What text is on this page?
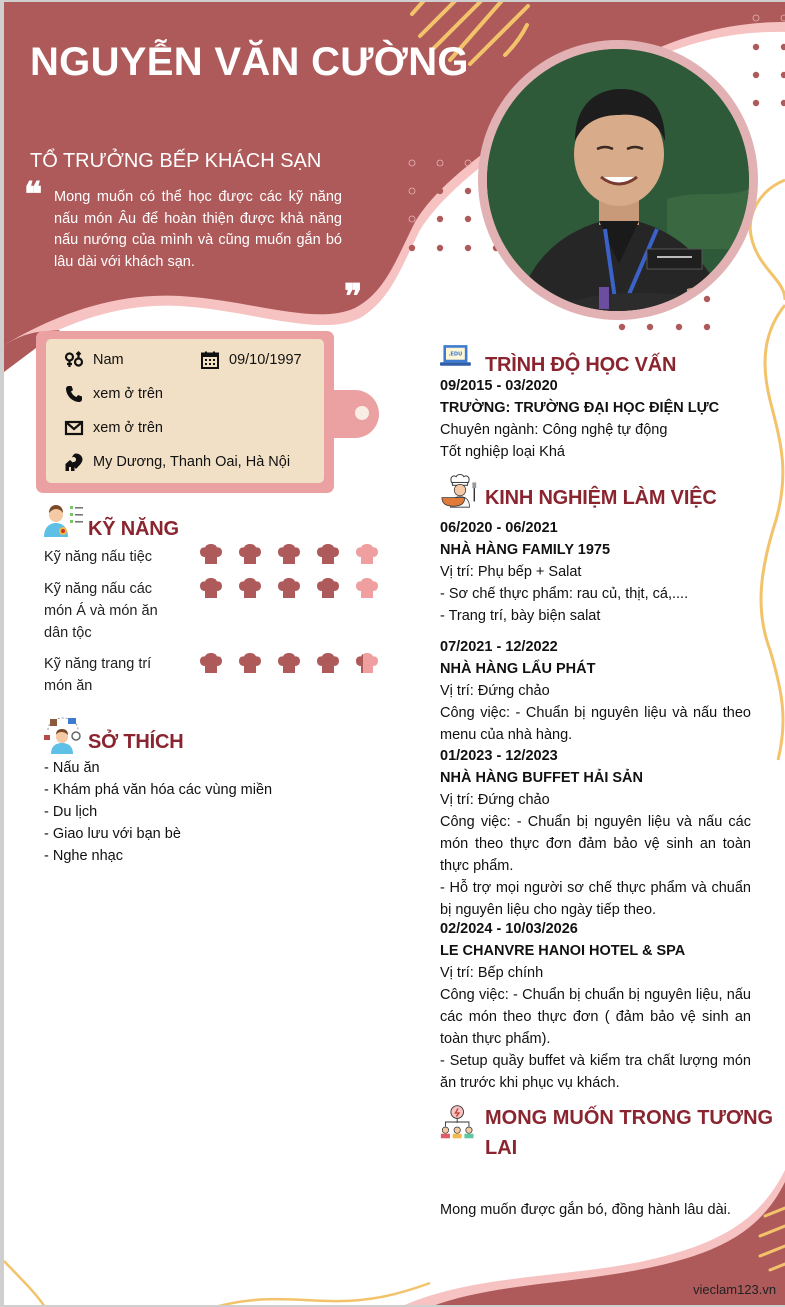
NGUYỄN VĂN CƯỜNG
TỔ TRƯỞNG BẾP KHÁCH SẠN
❝ Mong muốn có thể học được các kỹ năng nấu món Âu để hoàn thiện được khả năng nấu nướng của mình và cũng muốn gắn bó lâu dài với khách sạn.
❞
Nam	09/10/1997
xem ở trên
xem ở trên
My Dương, Thanh Oai, Hà Nội
KỸ NĂNG
Kỹ năng nấu tiệc
Kỹ năng nấu các món Á và món ăn dân tộc
Kỹ năng trang trí món ăn
SỞ THÍCH
- Nấu ăn
- Khám phá văn hóa các vùng miền
- Du lịch
- Giao lưu với bạn bè
- Nghe nhạc
.EDU TRÌNH ĐỘ HỌC VẤN
09/2015 - 03/2020
TRƯỜNG: TRƯỜNG ĐẠI HỌC ĐIỆN LỰC
Chuyên ngành: Công nghệ tự động
Tốt nghiệp loại Khá
KINH NGHIỆM LÀM VIỆC
06/2020 - 06/2021
NHÀ HÀNG FAMILY 1975
Vị trí: Phụ bếp + Salat
- Sơ chế thực phẩm: rau củ, thịt, cá,....
- Trang trí, bày biện salat
07/2021 - 12/2022
NHÀ HÀNG LẨU PHÁT
Vị trí: Đứng chảo
Công việc: - Chuẩn bị nguyên liệu và nấu theo menu của nhà hàng.
01/2023 - 12/2023
NHÀ HÀNG BUFFET HẢI SẢN
Vị trí: Đứng chảo
Công việc: - Chuẩn bị nguyên liệu và nấu các món theo thực đơn đảm bảo vệ sinh an toàn thực phẩm.
- Hỗ trợ mọi người sơ chế thực phẩm và chuẩn bị nguyên liệu cho ngày tiếp theo.
02/2024 - 10/03/2026
LE CHANVRE HANOI HOTEL & SPA
Vị trí: Bếp chính
Công việc: - Chuẩn bị chuẩn bị nguyên liệu, nấu các món theo thực đơn ( đảm bảo vệ sinh an toàn thực phẩm).
- Setup quầy buffet và kiểm tra chất lượng món ăn trước khi phục vụ khách.
MONG MUỐN TRONG TƯƠNG
LAI
Mong muốn được gắn bó, đồng hành lâu dài.
vieclam123.vn
